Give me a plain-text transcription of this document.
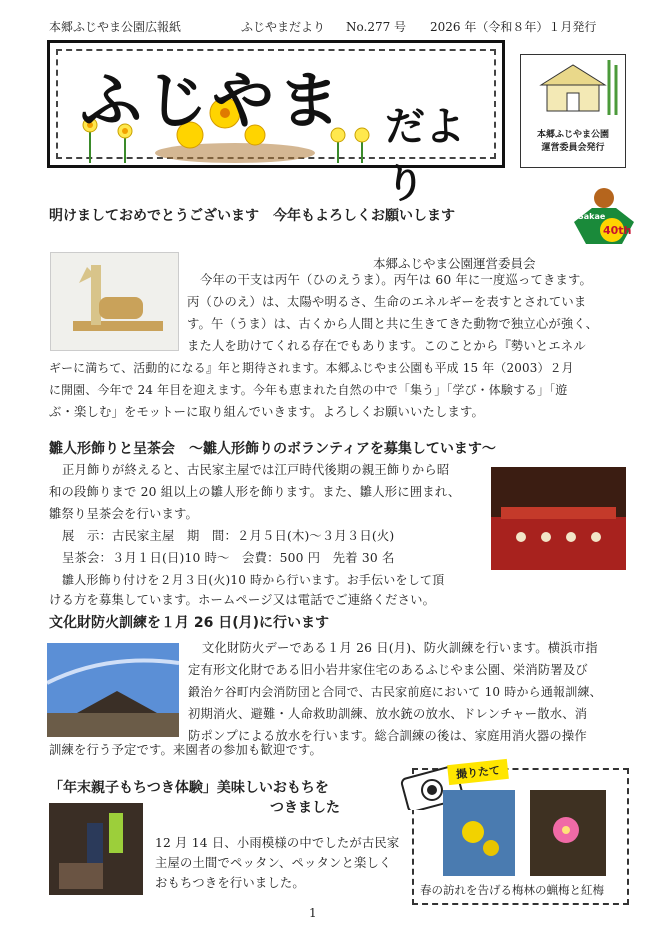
本郷ふじやま公園広報紙	ふじやまだより No.277 号 2026 年（令和８年）１月発行
ふじやま だより
本郷ふじやま公園
運営委員会発行
Sakae
40th
明けましておめでとうございます　今年もよろしくお願いします
本郷ふじやま公園運営委員会
今年の干支は丙午（ひのえうま）。丙午は 60 年に一度巡ってきます。
丙（ひのえ）は、太陽や明るさ、生命のエネルギーを表すとされていま
す。午（うま）は、古くから人間と共に生きてきた動物で独立心が強く、
また人を助けてくれる存在でもあります。このことから『勢いとエネル
ギーに満ちて、活動的になる』年と期待されます。本郷ふじやま公園も平成 15 年（2003）２月
に開園、今年で 24 年目を迎えます。今年も恵まれた自然の中で「集う」「学び・体験する」「遊
ぶ・楽しむ」をモットーに取り組んでいきます。よろしくお願いいたします。
雛人形飾りと呈茶会　～雛人形飾りのボランティアを募集しています～
正月飾りが終えると、古民家主屋では江戸時代後期の親王飾りから昭
和の段飾りまで 20 組以上の雛人形を飾ります。また、雛人形に囲まれ、
雛祭り呈茶会を行います。
展　示：古民家主屋　期　間：２月５日(木)～３月３日(火)
呈茶会：３月１日(日)10 時～　会費：500 円　先着 30 名
雛人形飾り付けを２月３日(火)10 時から行います。お手伝いをして頂
ける方を募集しています。ホームページ又は電話でご連絡ください。
文化財防火訓練を１月 26 日(月)に行います
文化財防火デーである１月 26 日(月)、防火訓練を行います。横浜市指
定有形文化財である旧小岩井家住宅のあるふじやま公園、栄消防署及び
鍛治ケ谷町内会消防団と合同で、古民家前庭において 10 時から通報訓練、
初期消火、避難・人命救助訓練、放水銃の放水、ドレンチャー散水、消
防ポンプによる放水を行います。総合訓練の後は、家庭用消火器の操作
訓練を行う予定です。来園者の参加も歓迎です。
「年末親子もちつき体験」美味しいおもちを
つきました
12 月 14 日、小雨模様の中でしたが古民家
主屋の土間でペッタン、ペッタンと楽しく
おもちつきを行いました。
撮りたて
春の訪れを告げる梅林の蝋梅と紅梅
1
